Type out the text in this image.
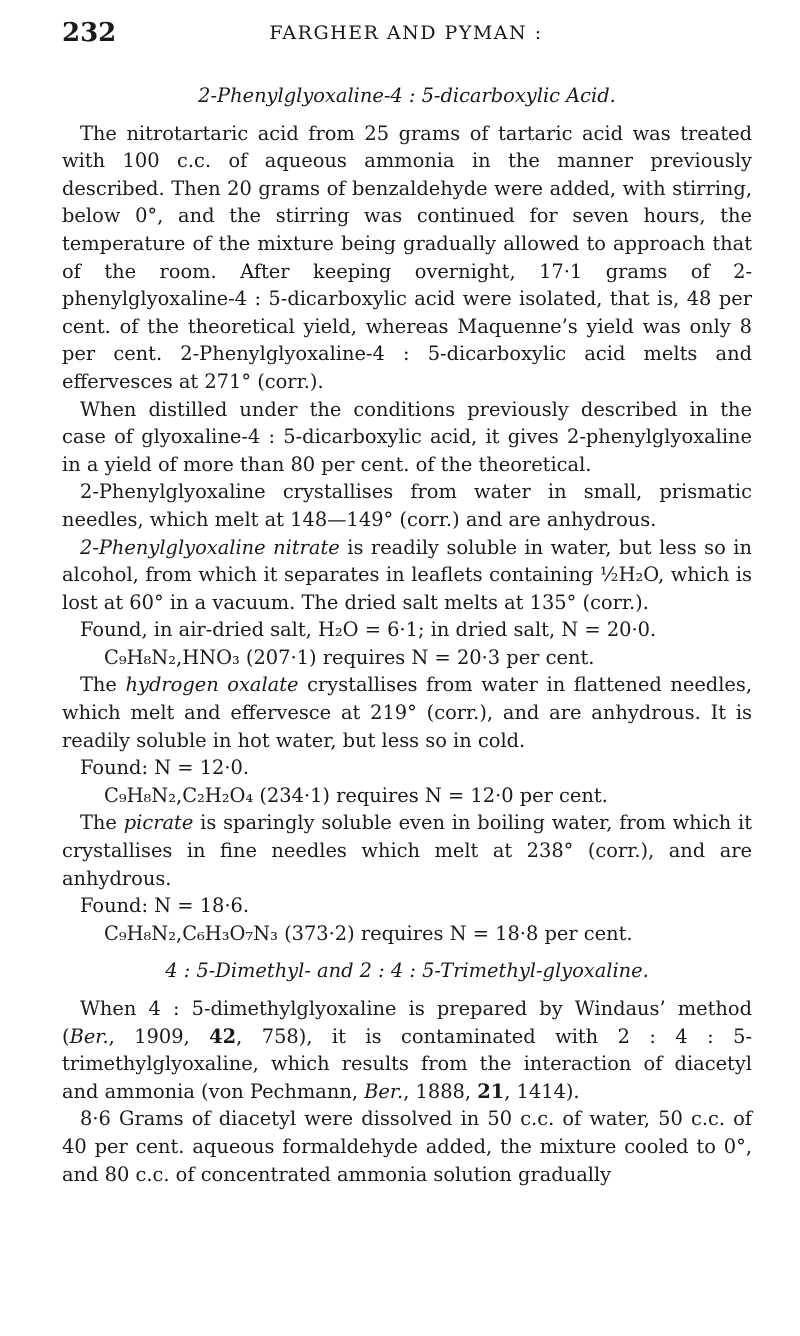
232	FARGHER AND PYMAN :
2-Phenylglyoxaline-4 : 5-dicarboxylic Acid.

The nitrotartaric acid from 25 grams of tartaric acid was treated with 100 c.c. of aqueous ammonia in the manner previously described. Then 20 grams of benzaldehyde were added, with stirring, below 0°, and the stirring was continued for seven hours, the temperature of the mixture being gradually allowed to approach that of the room. After keeping overnight, 17·1 grams of 2-phenylglyoxaline-4 : 5-dicarboxylic acid were isolated, that is, 48 per cent. of the theoretical yield, whereas Maquenne’s yield was only 8 per cent. 2-Phenylglyoxaline-4 : 5-dicarboxylic acid melts and effervesces at 271° (corr.).

When distilled under the conditions previously described in the case of glyoxaline-4 : 5-dicarboxylic acid, it gives 2-phenylglyoxaline in a yield of more than 80 per cent. of the theoretical.

2-Phenylglyoxaline crystallises from water in small, prismatic needles, which melt at 148—149° (corr.) and are anhydrous.

2-Phenylglyoxaline nitrate is readily soluble in water, but less so in alcohol, from which it separates in leaflets containing ½H₂O, which is lost at 60° in a vacuum. The dried salt melts at 135° (corr.).

Found, in air-dried salt, H₂O = 6·1; in dried salt, N = 20·0.

C₉H₈N₂,HNO₃ (207·1) requires N = 20·3 per cent.

The hydrogen oxalate crystallises from water in flattened needles, which melt and effervesce at 219° (corr.), and are anhydrous. It is readily soluble in hot water, but less so in cold.

Found: N = 12·0.

C₉H₈N₂,C₂H₂O₄ (234·1) requires N = 12·0 per cent.

The picrate is sparingly soluble even in boiling water, from which it crystallises in fine needles which melt at 238° (corr.), and are anhydrous.

Found: N = 18·6.

C₉H₈N₂,C₆H₃O₇N₃ (373·2) requires N = 18·8 per cent.

4 : 5-Dimethyl- and 2 : 4 : 5-Trimethyl-glyoxaline.

When 4 : 5-dimethylglyoxaline is prepared by Windaus’ method (Ber., 1909, 42, 758), it is contaminated with 2 : 4 : 5-trimethylglyoxaline, which results from the interaction of diacetyl and ammonia (von Pechmann, Ber., 1888, 21, 1414).

8·6 Grams of diacetyl were dissolved in 50 c.c. of water, 50 c.c. of 40 per cent. aqueous formaldehyde added, the mixture cooled to 0°, and 80 c.c. of concentrated ammonia solution gradually
